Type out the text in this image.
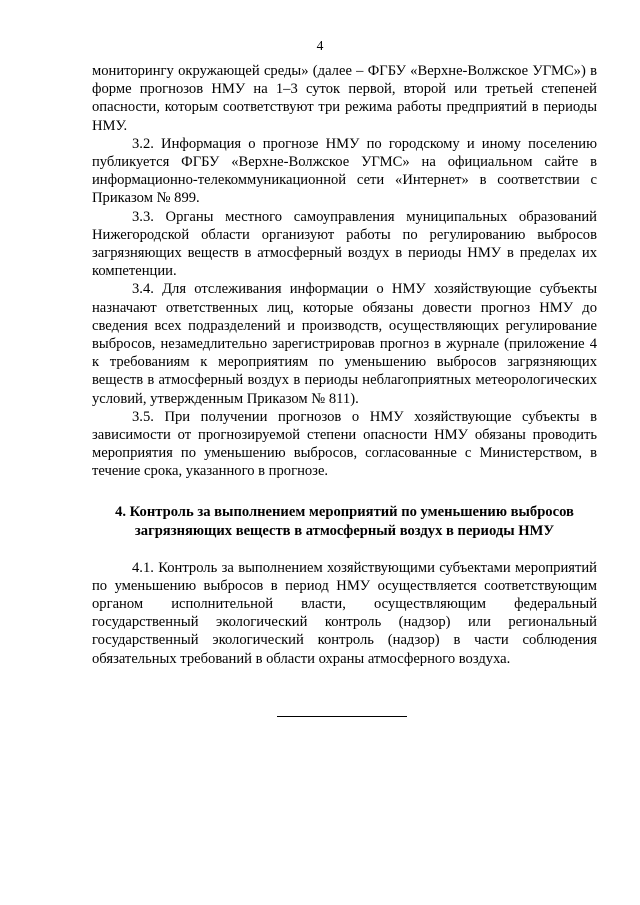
4

мониторингу окружающей среды» (далее – ФГБУ «Верхне-Волжское УГМС») в форме прогнозов НМУ на 1–3 суток первой, второй или третьей степеней опасности, которым соответствуют три режима работы предприятий в периоды НМУ.

3.2. Информация о прогнозе НМУ по городскому и иному поселению публикуется ФГБУ «Верхне-Волжское УГМС» на официальном сайте в информационно-телекоммуникационной сети «Интернет» в соответствии с Приказом № 899.

3.3. Органы местного самоуправления муниципальных образований Нижегородской области организуют работы по регулированию выбросов загрязняющих веществ в атмосферный воздух в периоды НМУ в пределах их компетенции.

3.4. Для отслеживания информации о НМУ хозяйствующие субъекты назначают ответственных лиц, которые обязаны довести прогноз НМУ до сведения всех подразделений и производств, осуществляющих регулирование выбросов, незамедлительно зарегистрировав прогноз в журнале (приложение 4 к требованиям к мероприятиям по уменьшению выбросов загрязняющих веществ в атмосферный воздух в периоды неблагоприятных метеорологических условий, утвержденным Приказом № 811).

3.5. При получении прогнозов о НМУ хозяйствующие субъекты в зависимости от прогнозируемой степени опасности НМУ обязаны проводить мероприятия по уменьшению выбросов, согласованные с Министерством, в течение срока, указанного в прогнозе.

4. Контроль за выполнением мероприятий по уменьшению выбросов
загрязняющих веществ в атмосферный воздух в периоды НМУ

4.1. Контроль за выполнением хозяйствующими субъектами мероприятий по уменьшению выбросов в период НМУ осуществляется соответствующим органом исполнительной власти, осуществляющим федеральный государственный экологический контроль (надзор) или региональный государственный экологический контроль (надзор) в части соблюдения обязательных требований в области охраны атмосферного воздуха.
